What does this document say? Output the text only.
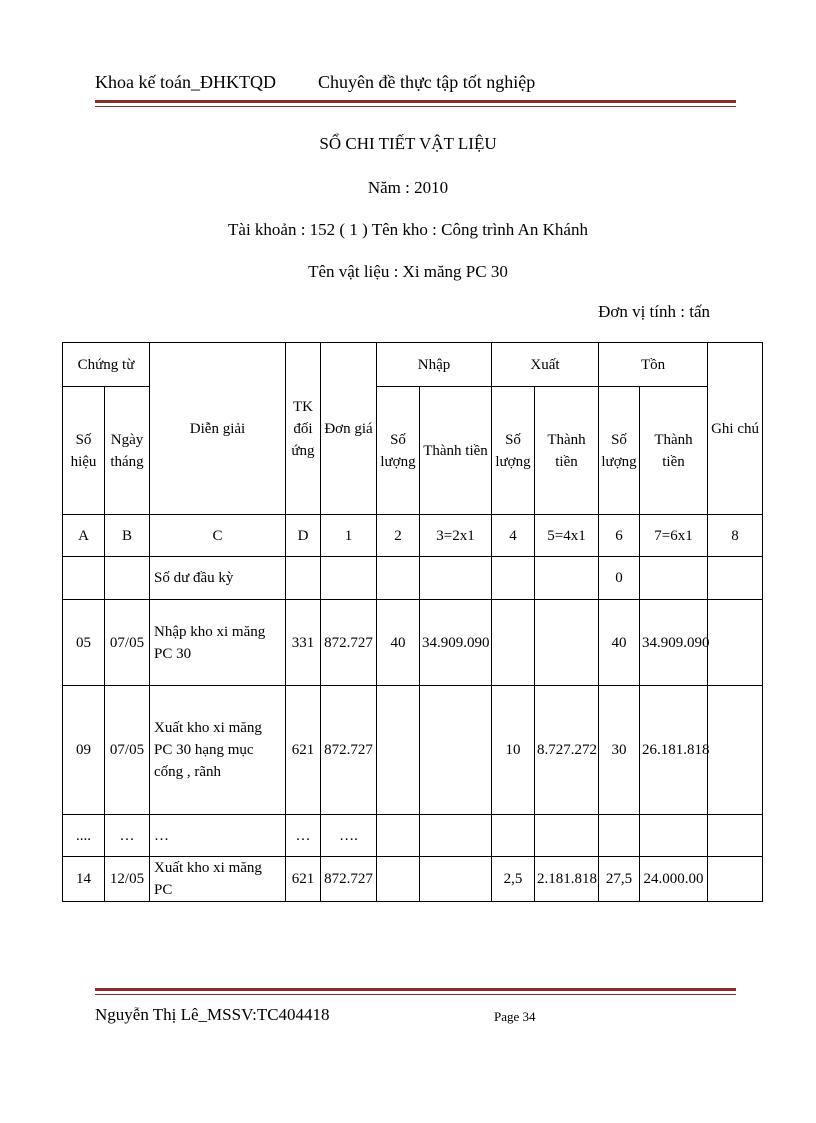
Khoa kế toán_ĐHKTQD Chuyên đề thực tập tốt nghiệp
SỔ CHI TIẾT VẬT LIỆU
Năm : 2010
Tài khoản : 152 ( 1 ) Tên kho : Công trình An Khánh
Tên vật liệu : Xi măng PC 30
Đơn vị tính : tấn
Chứng từ		Diễn giải	TK đối ứng	Đơn giá	Nhập		Xuất		Tồn		Ghi chú
Số hiệu	Ngày tháng				Số lượng	Thành tiền	Số lượng	Thành tiền	Số lượng	Thành tiền	
A	B	C	D	1	2	3=2x1	4	5=4x1	6	7=6x1	8
		Số dư đầu kỳ							0		
05	07/05	Nhập kho xi măng PC 30	331	872.727	40	34.909.090			40	34.909.090	
09	07/05	Xuất kho xi măng PC 30 hạng mục cống , rãnh	621	872.727			10	8.727.272	30	26.181.818	
....	…	…	…	….							
14	12/05	Xuất kho xi măng PC	621	872.727			2,5	2.181.818	27,5	24.000.00	
Nguyễn Thị Lê_MSSV:TC404418	Page 34
